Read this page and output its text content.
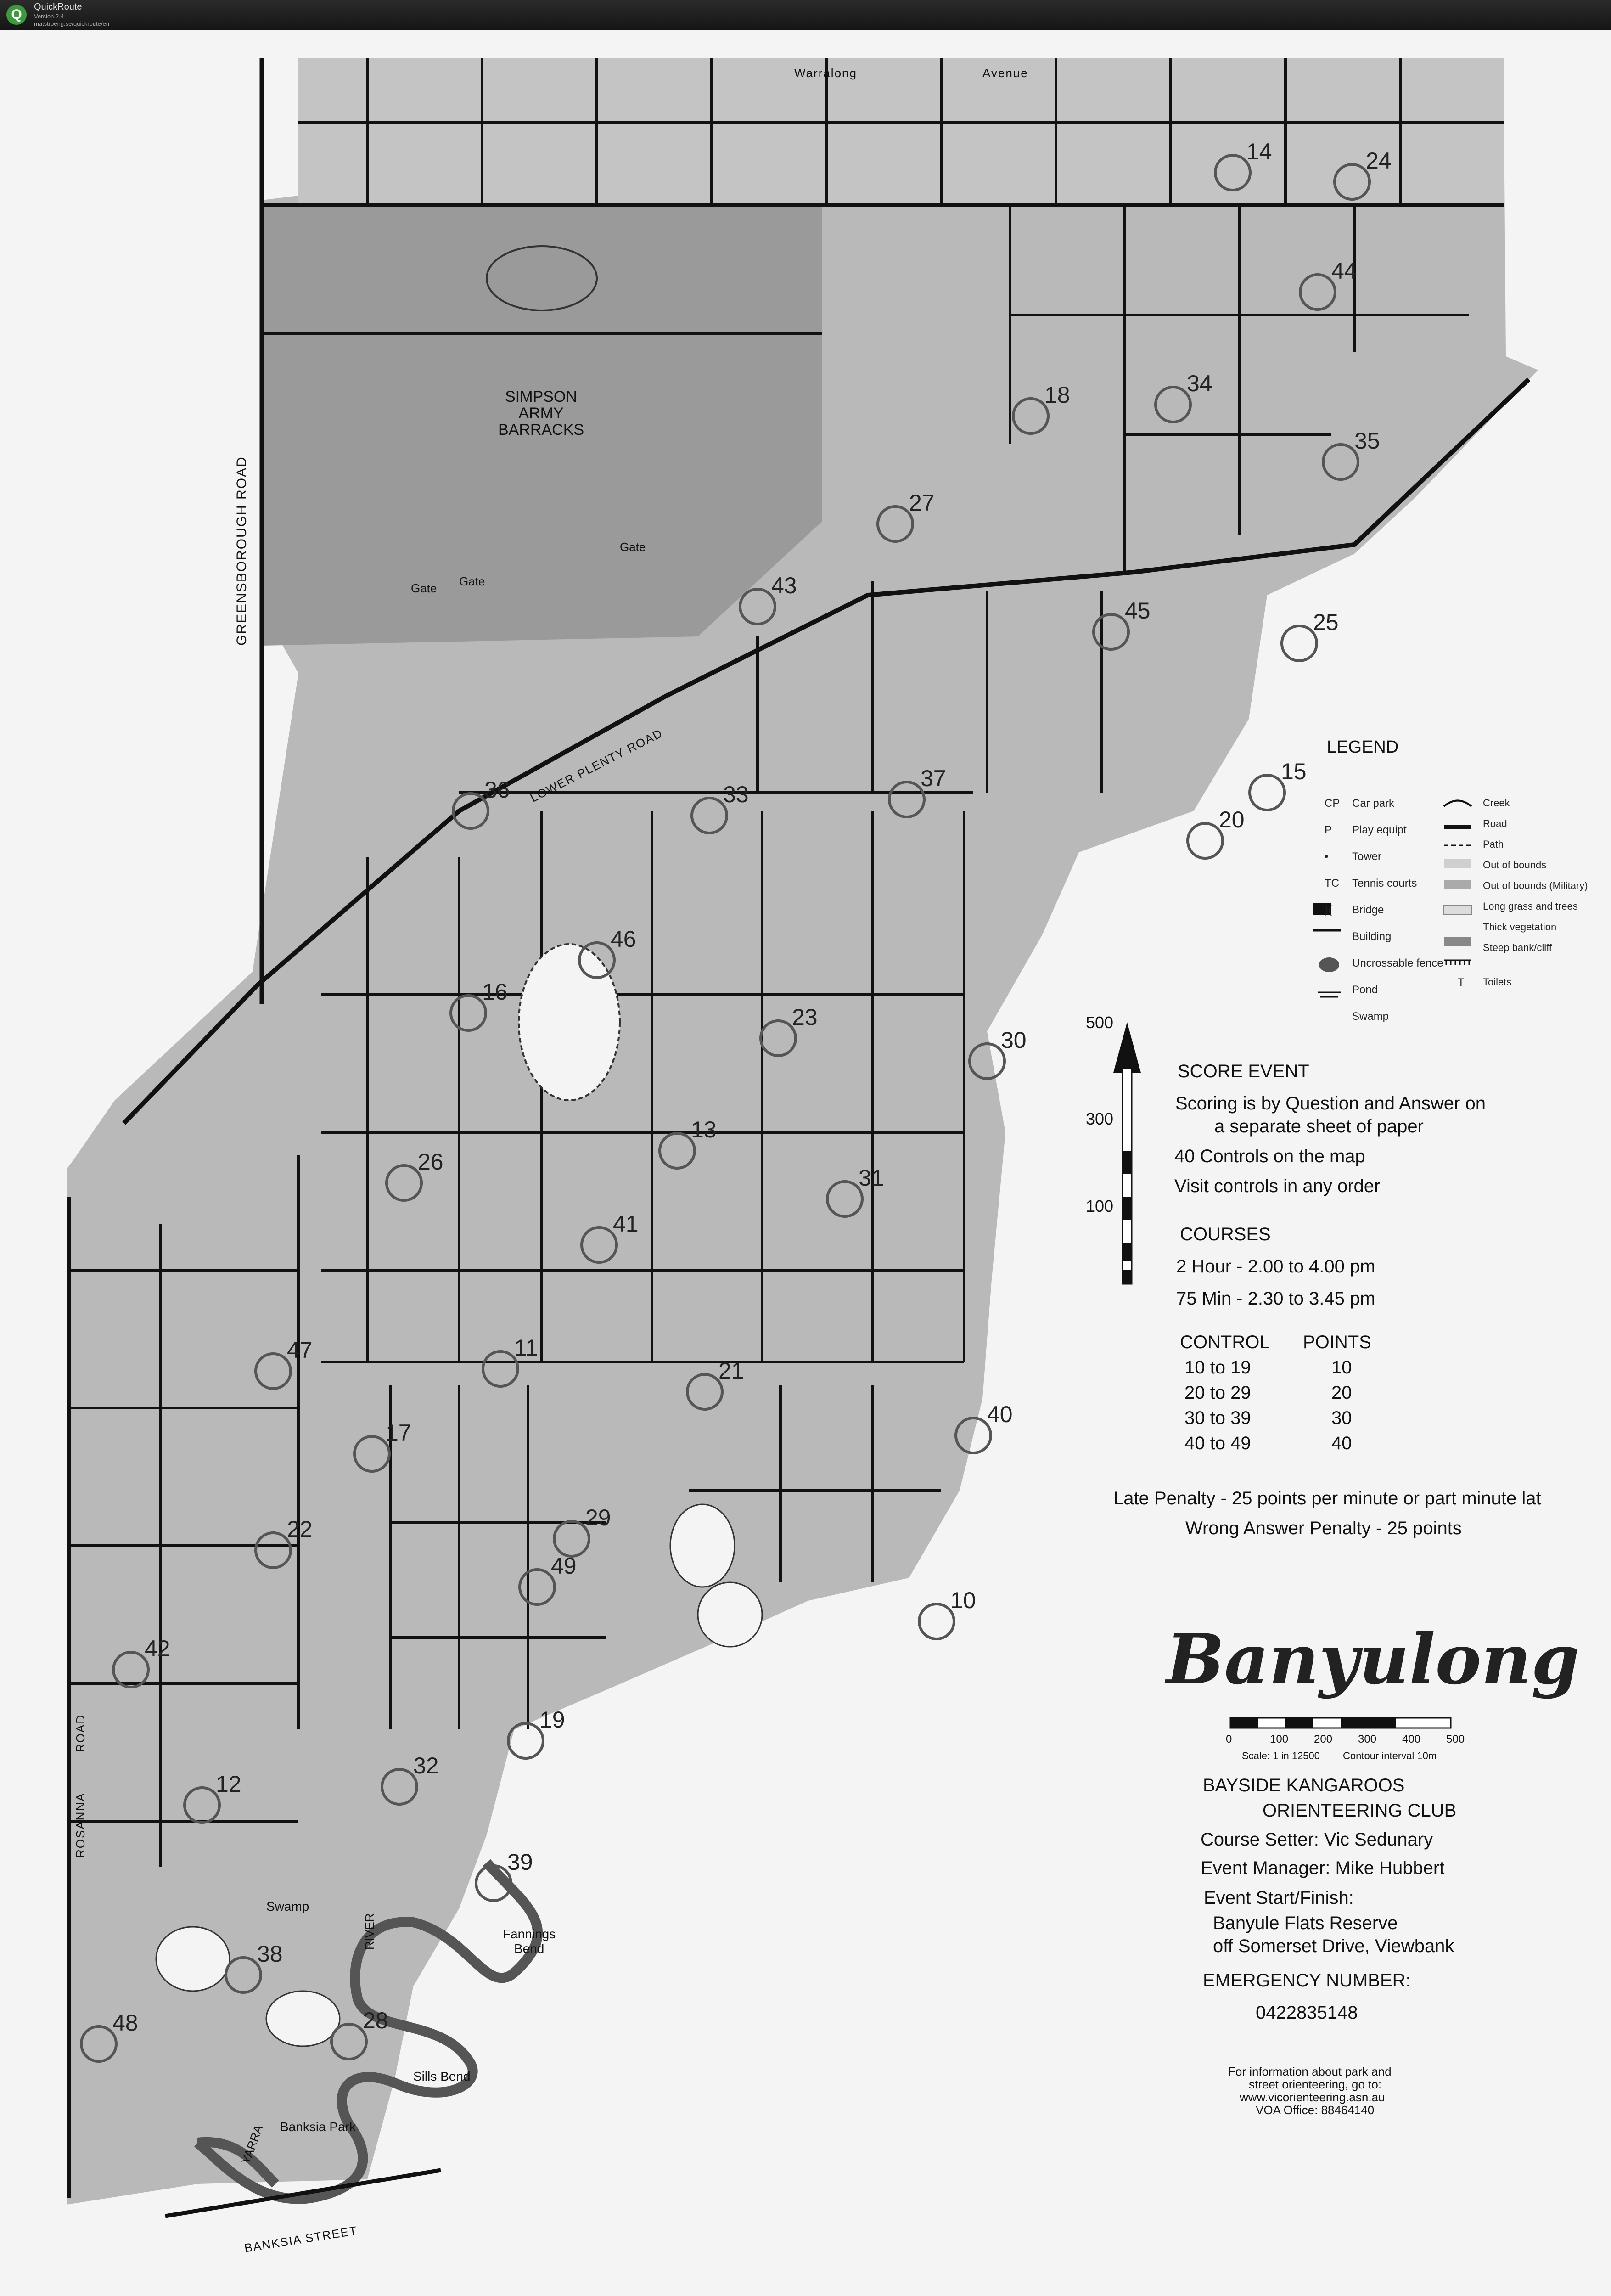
Q	QuickRoute
Version 2.4
matstroeng.se/quickroute/en
SIMPSON
ARMY
BARRACKS
Gate
Gate
Gate
Swamp
Fannings
Bend
Sills Bend
Banksia Park
RIVER
YARRA
Warralong	Avenue
GREENSBOROUGH ROAD
LOWER PLENTY ROAD
ROSANNA
ROAD
BANKSIA STREET
14	24
44
18	34
35
27
43
45	25
15
37
33
36
20
46
16
23
30
13
26
41
31
47	11
21
40
17
22	29
49
10
42
19
12
32
39
38
28
48
LEGEND
CP Car park
P Play equipt
• Tower
TC Tennis courts
)( Bridge
Building
Uncrossable fence
Pond
Swamp
Creek
Road
Path
Out of bounds
Out of bounds (Military)
Long grass and trees
Thick vegetation
Steep bank/cliff
T Toilets
500
300
100
SCORE EVENT
Scoring is by Question and Answer on
a separate sheet of paper
40 Controls on the map
Visit controls in any order
COURSES
2 Hour - 2.00 to 4.00 pm
75 Min - 2.30 to 3.45 pm
CONTROL POINTS
10 to 19	10
20 to 29	20
30 to 39	30
40 to 49	40
Late Penalty - 25 points per minute or part minute lat
Wrong Answer Penalty - 25 points
Banyulong
0	100 200 300 400 500
Scale: 1 in 12500 Contour interval 10m
BAYSIDE KANGAROOS
ORIENTEERING CLUB
Course Setter: Vic Sedunary
Event Manager: Mike Hubbert
Event Start/Finish:
Banyule Flats Reserve
off Somerset Drive, Viewbank
EMERGENCY NUMBER:
0422835148
For information about park and
street orienteering, go to:
www.vicorienteering.asn.au
VOA Office: 88464140
